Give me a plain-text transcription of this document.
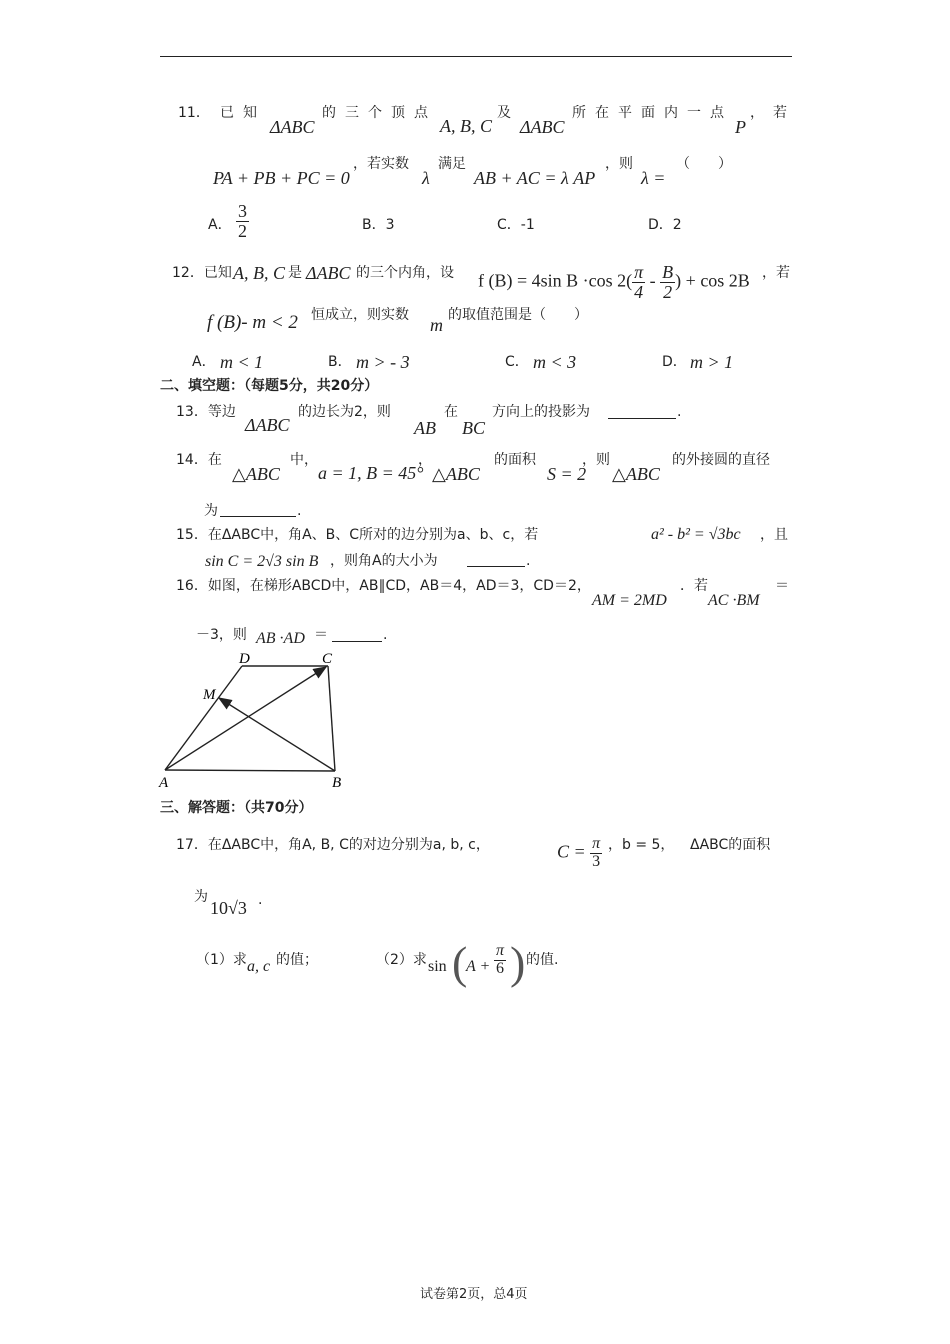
11． 已知
ΔABC
的三个顶点
A, B, C
及
ΔABC
所在平面内一点
P
，若
PA + PB + PC = 0
，若实数
λ
满足
AB + AC = λ AP
，则
λ =
（　　）
A． $\frac{3}{2}$	B．3	C．-1	D．2
12．已知 A, B, C 是 ΔABC 的三个内角，设 f (B) = 4sin B ·cos $2( \frac{\pi}{4} - \frac{B}{2}$ ) + cos 2B ，若
f (B)- m < 2 恒成立，则实数 m 的取值范围是（　　）
A． m < 1	B． m > - 3	C． m < 3	D． m > 1
二、填空题：（每题5分，共20分）
13．等边
ΔABC
的边长为2，则
AB
在
BC
方向上的投影为	.
14．在
△ABC
中，
a = 1, B = 45°
，
△ABC
的面积
S = 2
，则
△ABC
的外接圆的直径
为	.
15．在ΔABC中，角A、B、C所对的边分别为a、b、c，若	a² - b² = √3bc ，且
sin C = 2√3 sin B ，则角A的大小为	.
16．如图，在梯形ABCD中，AB∥CD，AB＝4，AD＝3，CD＝2，
AM = 2MD
．若
AC ·BM
＝
－3，则 AB ·AD ＝	.
A	B
C
D
M
三、解答题：（共70分）
17．在ΔABC中，角A, B, C的对边分别为a, b, c，	$C = \frac{\pi}{3}$ ，b = 5， ΔABC的面积
为
10√3 .
（1）求 a, c 的值；	（2）求 sin (
$A + \frac{\pi}{6}$ ) 的值.
试卷第2页，总4页
